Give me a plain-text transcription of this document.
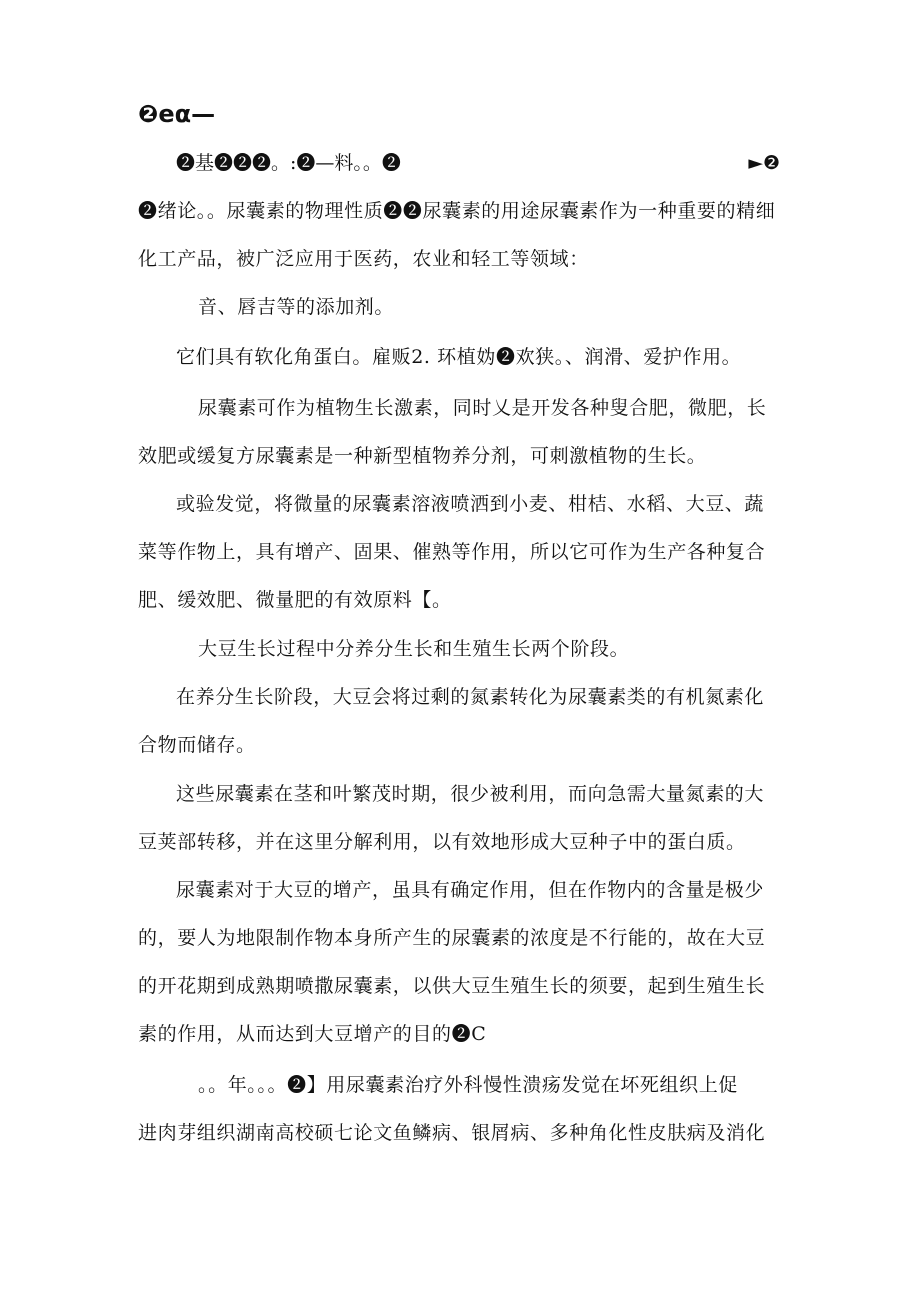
❷eα—
❷基❷❷❷。:❷—料。。❷	►❷
❷绪论。。尿囊素的物理性质❷❷尿囊素的用途尿囊素作为一种重要的精细
化工产品，被广泛应用于医药，农业和轻工等领域：
音、唇吉等的添加剂。
它们具有软化角蛋白。雇贩2. 环植妫❷欢狭。、润滑、爱护作用。
尿囊素可作为植物生长激素，同时乂是开发各种叟合肥，微肥，长
效肥或缓复方尿囊素是一种新型植物养分剂，可刺激植物的生长。
或验发觉，将微量的尿囊素溶液喷洒到小麦、柑桔、水稻、大豆、蔬
菜等作物上，具有增产、固果、催熟等作用，所以它可作为生产各种复合
肥、缓效肥、微量肥的有效原料【。
大豆生长过程中分养分生长和生殖生长两个阶段。
在养分生长阶段，大豆会将过剩的氮素转化为尿囊素类的有机氮素化
合物而储存。
这些尿囊素在茎和叶繁茂时期，很少被利用，而向急需大量氮素的大
豆荚部转移，并在这里分解利用，以有效地形成大豆种子中的蛋白质。
尿囊素对于大豆的增产，虽具有确定作用，但在作物内的含量是极少
的，要人为地限制作物本身所产生的尿囊素的浓度是不行能的，故在大豆
的开花期到成熟期喷撒尿囊素，以供大豆生殖生长的须要，起到生殖生长
素的作用，从而达到大豆增产的目的❷C
。。年。。。❷】用尿囊素治疗外科慢性溃疡发觉在坏死组织上促
进肉芽组织湖南高校硕七论文鱼鳞病、银屑病、多种角化性皮肤病及消化
